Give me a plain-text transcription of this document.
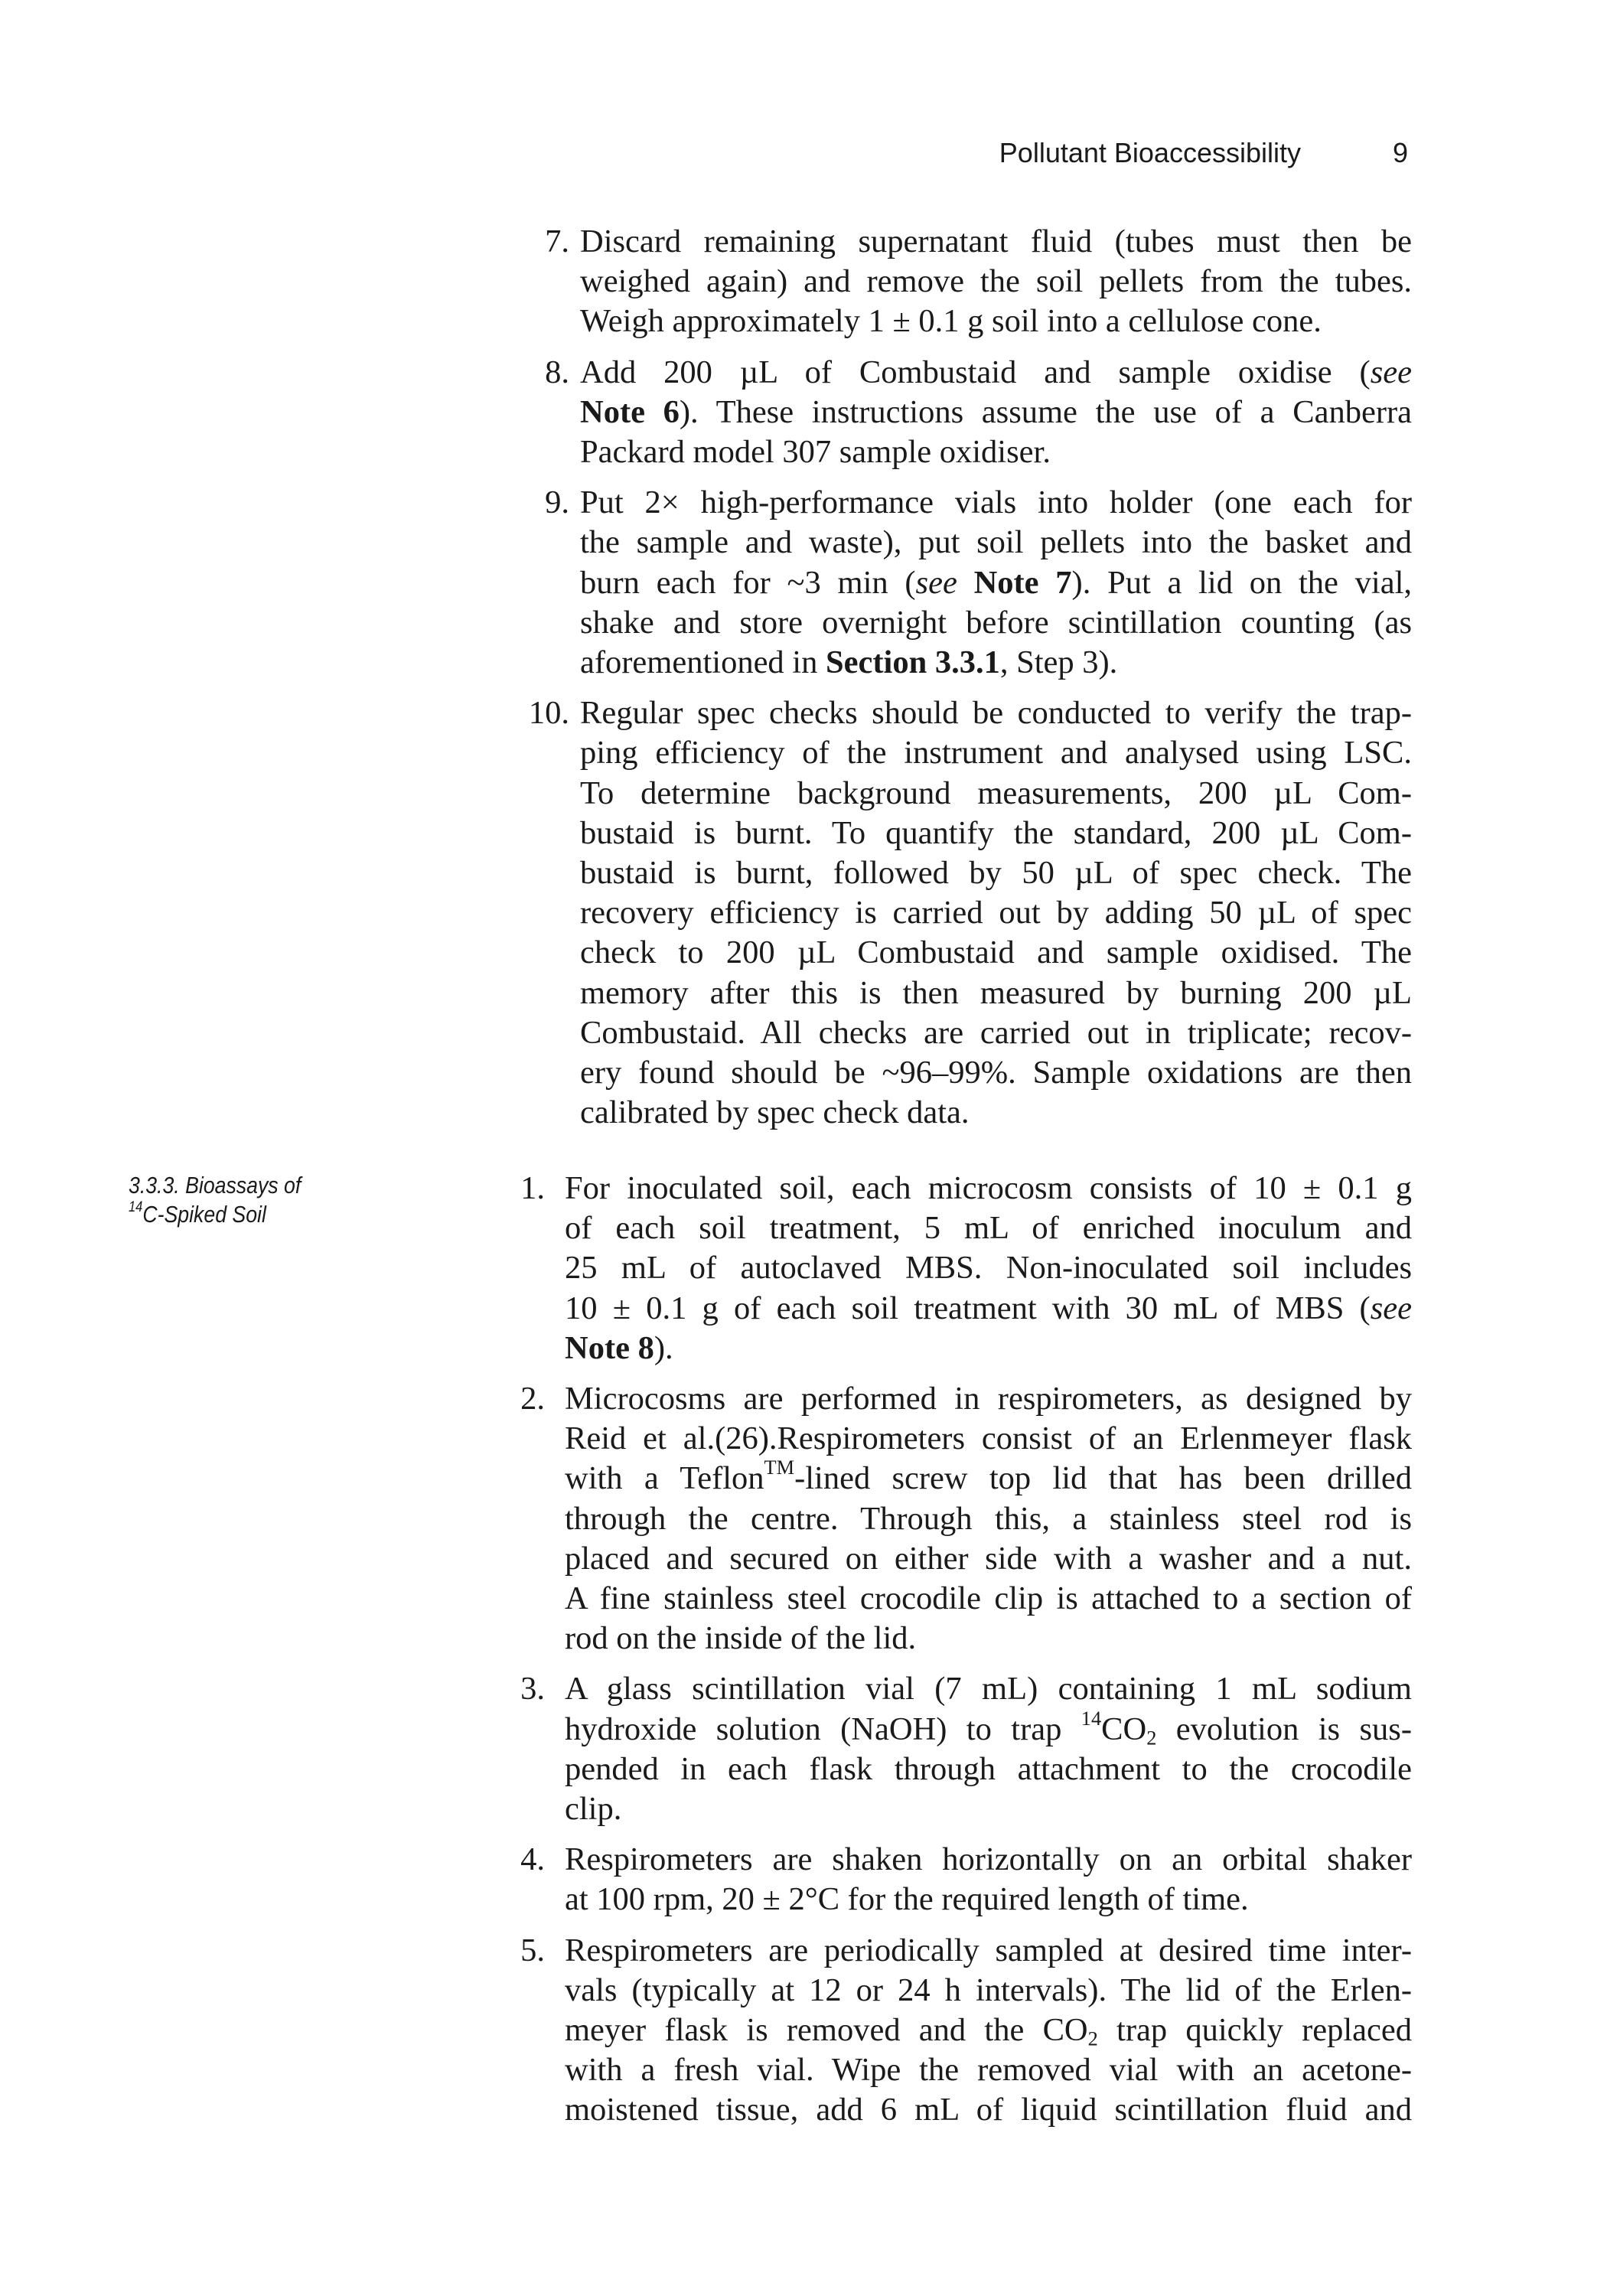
Pollutant Bioaccessibility	9
7. Discard remaining supernatant fluid (tubes must then be
weighed again) and remove the soil pellets from the tubes.
Weigh approximately 1 ± 0.1 g soil into a cellulose cone.
8. Add 200 µL of Combustaid and sample oxidise (see
Note 6). These instructions assume the use of a Canberra
Packard model 307 sample oxidiser.
9. Put 2× high-performance vials into holder (one each for
the sample and waste), put soil pellets into the basket and
burn each for ~3 min (see Note 7). Put a lid on the vial,
shake and store overnight before scintillation counting (as
aforementioned in Section 3.3.1, Step 3).
10. Regular spec checks should be conducted to verify the trap-
ping efficiency of the instrument and analysed using LSC.
To determine background measurements, 200 µL Com-
bustaid is burnt. To quantify the standard, 200 µL Com-
bustaid is burnt, followed by 50 µL of spec check. The
recovery efficiency is carried out by adding 50 µL of spec
check to 200 µL Combustaid and sample oxidised. The
memory after this is then measured by burning 200 µL
Combustaid. All checks are carried out in triplicate; recov-
ery found should be ~96–99%. Sample oxidations are then
calibrated by spec check data.
3.3.3. Bioassays of
$^{14}$C-Spiked Soil
1. For inoculated soil, each microcosm consists of 10 ± 0.1 g
of each soil treatment, 5 mL of enriched inoculum and
25 mL of autoclaved MBS. Non-inoculated soil includes
10 ± 0.1 g of each soil treatment with 30 mL of MBS (see
Note 8).
2. Microcosms are performed in respirometers, as designed by
Reid et al.(26).Respirometers consist of an Erlenmeyer flask
with a Teflon™-lined screw top lid that has been drilled
through the centre. Through this, a stainless steel rod is
placed and secured on either side with a washer and a nut.
A fine stainless steel crocodile clip is attached to a section of
rod on the inside of the lid.
3. A glass scintillation vial (7 mL) containing 1 mL sodium
hydroxide solution (NaOH) to trap $^{14}CO_2$ evolution is sus-
pended in each flask through attachment to the crocodile
clip.
4. Respirometers are shaken horizontally on an orbital shaker
at 100 rpm, 20 ± 2°C for the required length of time.
5. Respirometers are periodically sampled at desired time inter-
vals (typically at 12 or 24 h intervals). The lid of the Erlen-
meyer flask is removed and the $CO_2$ trap quickly replaced
with a fresh vial. Wipe the removed vial with an acetone-
moistened tissue, add 6 mL of liquid scintillation fluid and
